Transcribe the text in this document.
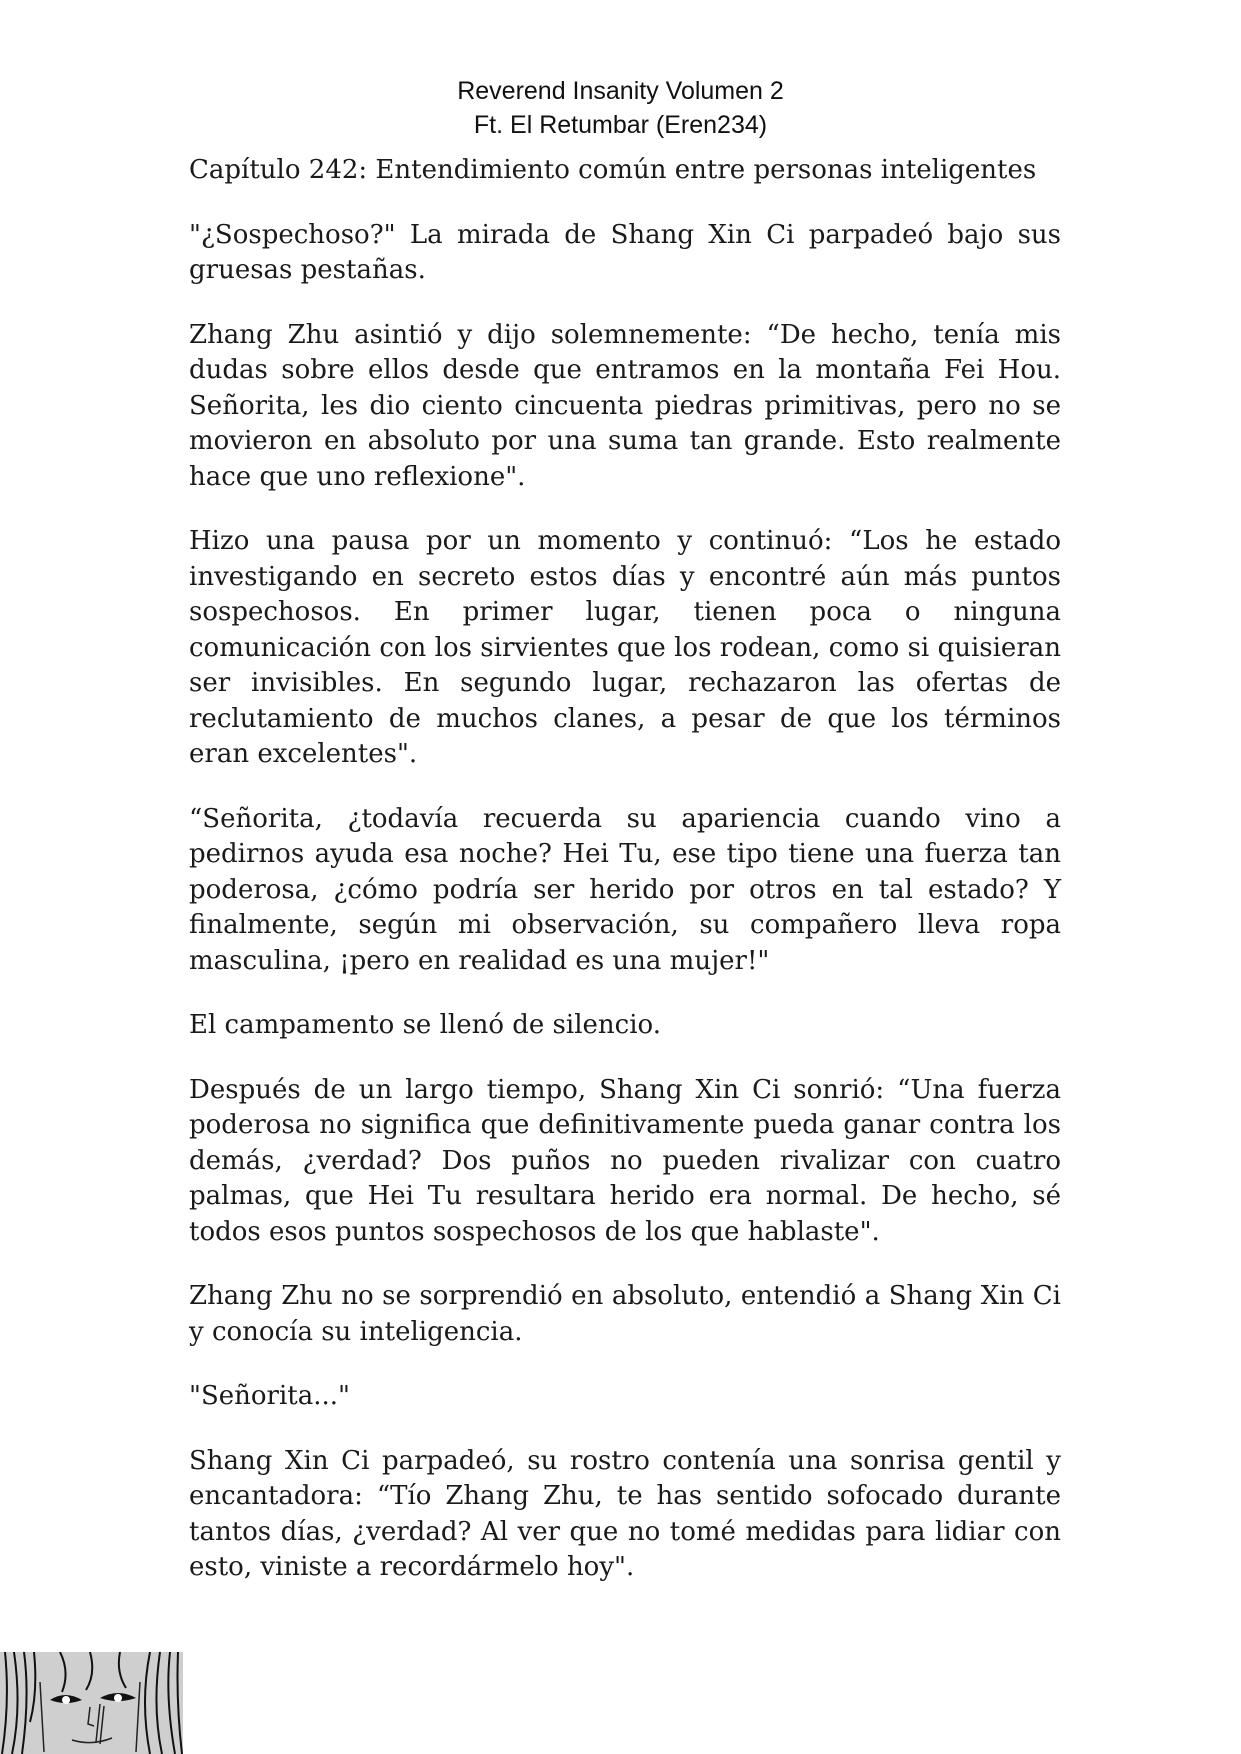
Reverend Insanity Volumen 2
Ft. El Retumbar (Eren234)
Capítulo 242: Entendimiento común entre personas inteligentes

"¿Sospechoso?" La mirada de Shang Xin Ci parpadeó bajo sus gruesas pestañas.

Zhang Zhu asintió y dijo solemnemente: “De hecho, tenía mis dudas sobre ellos desde que entramos en la montaña Fei Hou. Señorita, les dio ciento cincuenta piedras primitivas, pero no se movieron en absoluto por una suma tan grande. Esto realmente hace que uno reflexione".

Hizo una pausa por un momento y continuó: “Los he estado investigando en secreto estos días y encontré aún más puntos sospechosos. En primer lugar, tienen poca o ninguna comunicación con los sirvientes que los rodean, como si quisieran ser invisibles. En segundo lugar, rechazaron las ofertas de reclutamiento de muchos clanes, a pesar de que los términos eran excelentes".

“Señorita, ¿todavía recuerda su apariencia cuando vino a pedirnos ayuda esa noche? Hei Tu, ese tipo tiene una fuerza tan poderosa, ¿cómo podría ser herido por otros en tal estado? Y finalmente, según mi observación, su compañero lleva ropa masculina, ¡pero en realidad es una mujer!"

El campamento se llenó de silencio.

Después de un largo tiempo, Shang Xin Ci sonrió: “Una fuerza poderosa no significa que definitivamente pueda ganar contra los demás, ¿verdad? Dos puños no pueden rivalizar con cuatro palmas, que Hei Tu resultara herido era normal. De hecho, sé todos esos puntos sospechosos de los que hablaste".

Zhang Zhu no se sorprendió en absoluto, entendió a Shang Xin Ci y conocía su inteligencia.

"Señorita..."

Shang Xin Ci parpadeó, su rostro contenía una sonrisa gentil y encantadora: “Tío Zhang Zhu, te has sentido sofocado durante tantos días, ¿verdad? Al ver que no tomé medidas para lidiar con esto, viniste a recordármelo hoy".
